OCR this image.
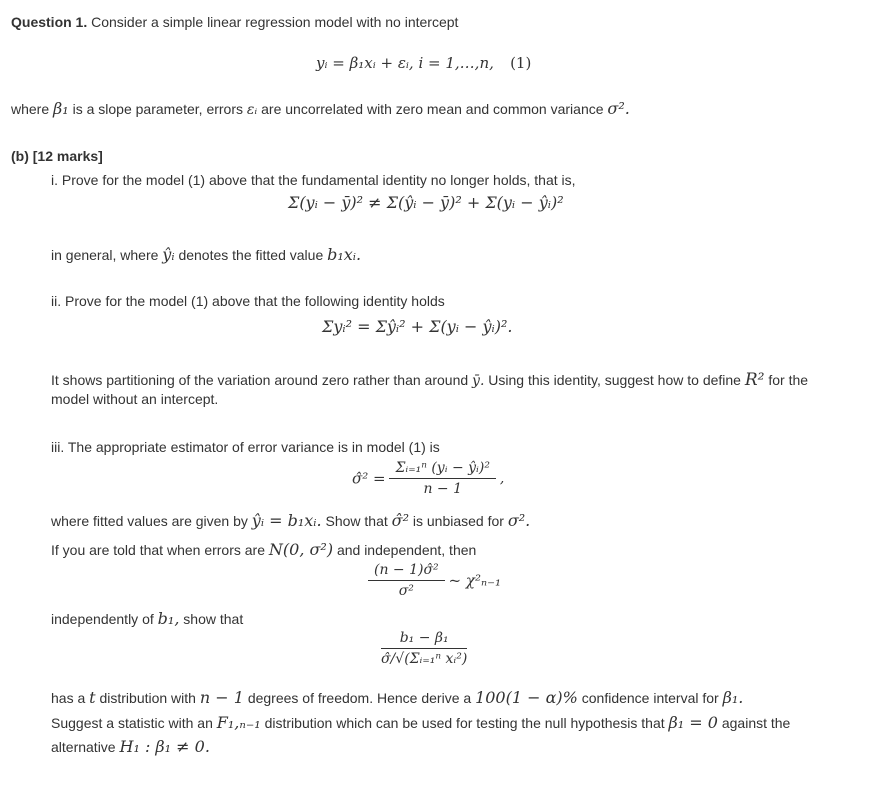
Question 1. Consider a simple linear regression model with no intercept
yᵢ = β₁xᵢ + εᵢ, i = 1,…,n, (1)
where β₁ is a slope parameter, errors εᵢ are uncorrelated with zero mean and common variance σ².
(b) [12 marks]
i. Prove for the model (1) above that the fundamental identity no longer holds, that is,
Σ(yᵢ − ȳ)² ≠ Σ(ŷᵢ − ȳ)² + Σ(yᵢ − ŷᵢ)²
in general, where ŷᵢ denotes the fitted value b₁xᵢ.
ii. Prove for the model (1) above that the following identity holds
Σyᵢ² = Σŷᵢ² + Σ(yᵢ − ŷᵢ)².
It shows partitioning of the variation around zero rather than around ȳ. Using this identity, suggest how to define R² for the
model without an intercept.
iii. The appropriate estimator of error variance is in model (1) is
σ̂² = $\frac{\text{Σᵢ₌₁ⁿ (yᵢ − ŷᵢ)²}}{n - 1}$ ,
where fitted values are given by ŷᵢ = b₁xᵢ. Show that σ̂² is unbiased for σ².
If you are told that when errors are N(0, σ²) and independent, then
$\frac{\text{(n − 1)σ̂²}}{\text{σ²}}$ ~ χ²ₙ₋₁
independently of b₁, show that
$\frac{\text{b₁ − β₁}}{\text{σ̂/√(Σᵢ₌₁ⁿ xᵢ²)}}$
has a t distribution with n − 1 degrees of freedom. Hence derive a 100(1 − α)% confidence interval for β₁.
Suggest a statistic with an F₁,ₙ₋₁ distribution which can be used for testing the null hypothesis that β₁ = 0 against the
alternative H₁ : β₁ ≠ 0.
